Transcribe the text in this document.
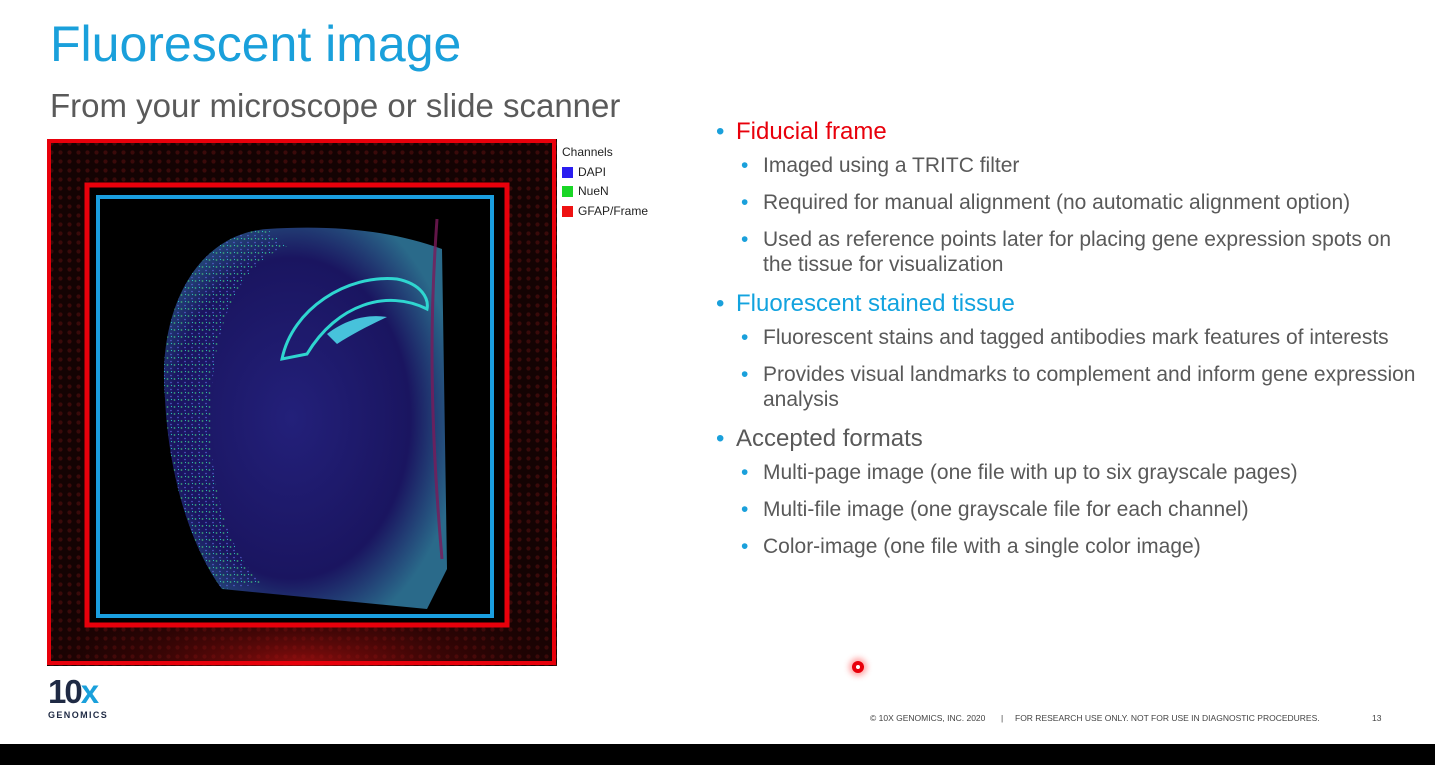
Fluorescent image
From your microscope or slide scanner
Channels
DAPI
NueN
GFAP/Frame
• Fiducial frame
• Imaged using a TRITC filter
• Required for manual alignment (no automatic alignment option)
• Used as reference points later for placing gene expression spots on the tissue for visualization
• Fluorescent stained tissue
• Fluorescent stains and tagged antibodies mark features of interests
• Provides visual landmarks to complement and inform gene expression analysis
• Accepted formats
• Multi-page image (one file with up to six grayscale pages)
• Multi-file image (one grayscale file for each channel)
• Color-image (one file with a single color image)
10x
GENOMICS	© 10X GENOMICS, INC. 2020 | FOR RESEARCH USE ONLY. NOT FOR USE IN DIAGNOSTIC PROCEDURES.	13
